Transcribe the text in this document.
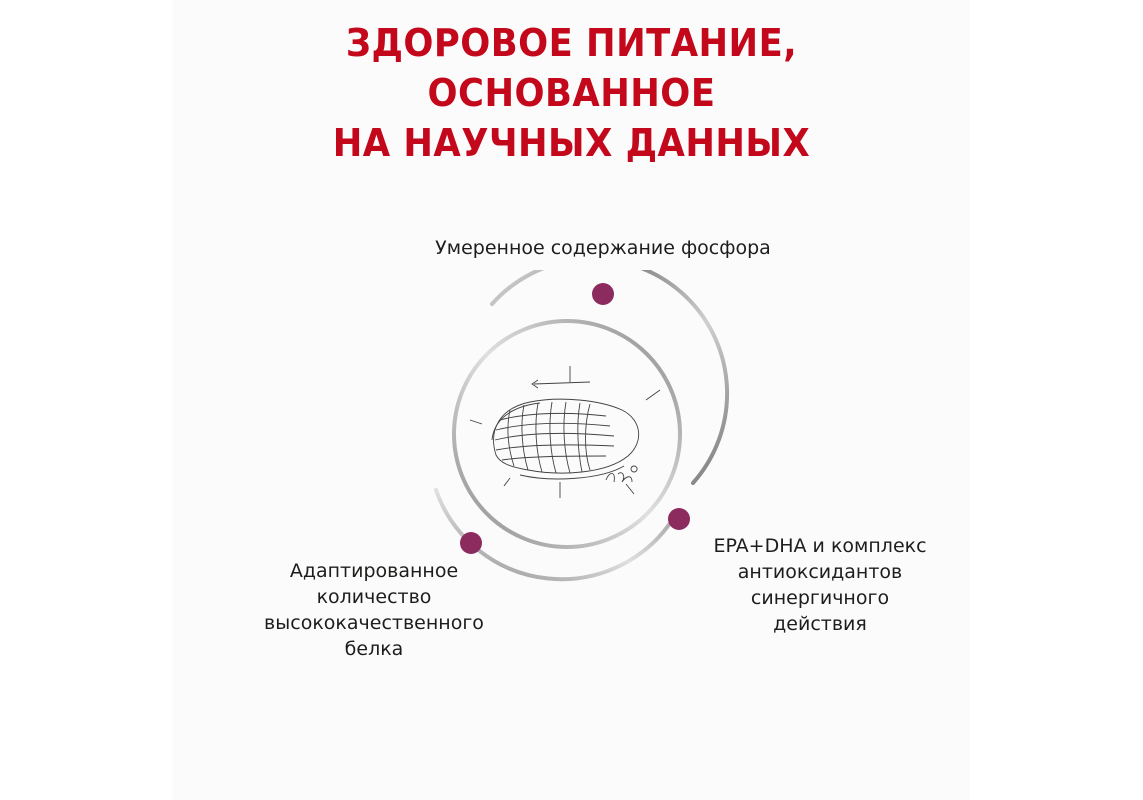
ЗДОРОВОЕ ПИТАНИЕ, ОСНОВАННОЕ
НА НАУЧНЫХ ДАННЫХ
Умеренное содержание фосфора
Адаптированное
количество
высококачественного
белка
EPA+DHA и комплекс
антиоксидантов
синергичного
действия
